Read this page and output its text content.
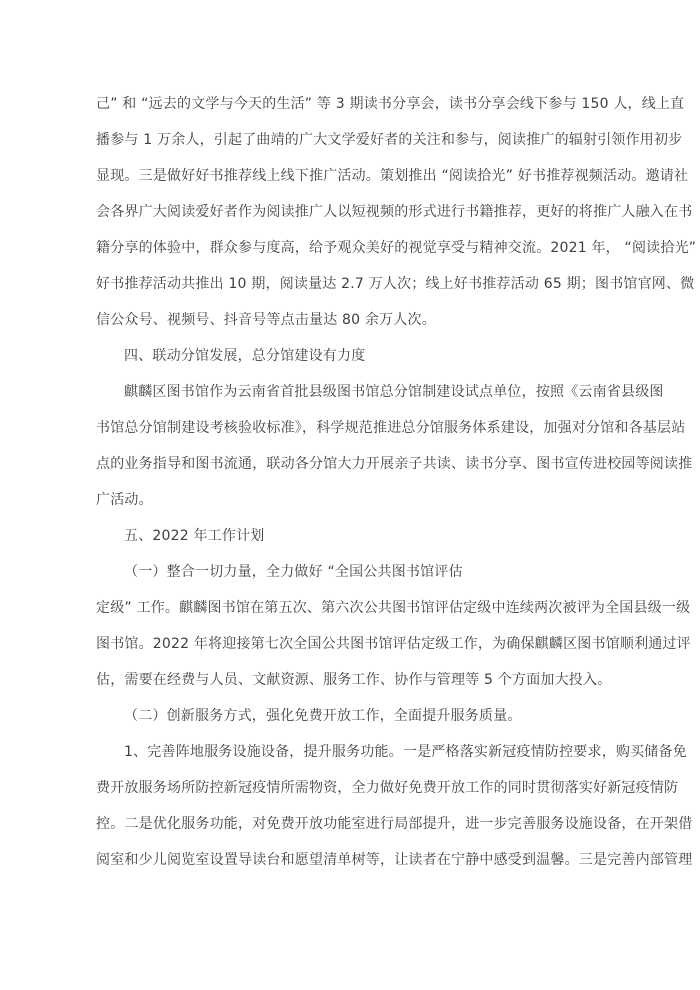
己” 和 “远去的文学与今天的生活” 等 3 期读书分享会，读书分享会线下参与 150 人，线上直
播参与 1 万余人，引起了曲靖的广大文学爱好者的关注和参与，阅读推广的辐射引领作用初步
显现。三是做好好书推荐线上线下推广活动。策划推出 “阅读拾光” 好书推荐视频活动。邀请社
会各界广大阅读爱好者作为阅读推广人以短视频的形式进行书籍推荐，更好的将推广人融入在书
籍分享的体验中，群众参与度高，给予观众美好的视觉享受与精神交流。2021 年， “阅读拾光”
好书推荐活动共推出 10 期，阅读量达 2.7 万人次；线上好书推荐活动 65 期；图书馆官网、微
信公众号、视频号、抖音号等点击量达 80 余万人次。
四、联动分馆发展，总分馆建设有力度
麒麟区图书馆作为云南省首批县级图书馆总分馆制建设试点单位，按照《云南省县级图
书馆总分馆制建设考核验收标准》，科学规范推进总分馆服务体系建设，加强对分馆和各基层站
点的业务指导和图书流通，联动各分馆大力开展亲子共读、读书分享、图书宣传进校园等阅读推
广活动。
五、2022 年工作计划
（一）整合一切力量，全力做好 “全国公共图书馆评估
定级” 工作。麒麟图书馆在第五次、第六次公共图书馆评估定级中连续两次被评为全国县级一级
图书馆。2022 年将迎接第七次全国公共图书馆评估定级工作，为确保麒麟区图书馆顺利通过评
估，需要在经费与人员、文献资源、服务工作、协作与管理等 5 个方面加大投入。
（二）创新服务方式，强化免费开放工作，全面提升服务质量。
1、完善阵地服务设施设备，提升服务功能。一是严格落实新冠疫情防控要求，购买储备免
费开放服务场所防控新冠疫情所需物资，全力做好免费开放工作的同时贯彻落实好新冠疫情防
控。二是优化服务功能，对免费开放功能室进行局部提升，进一步完善服务设施设备，在开架借
阅室和少儿阅览室设置导读台和愿望清单树等，让读者在宁静中感受到温馨。三是完善内部管理
